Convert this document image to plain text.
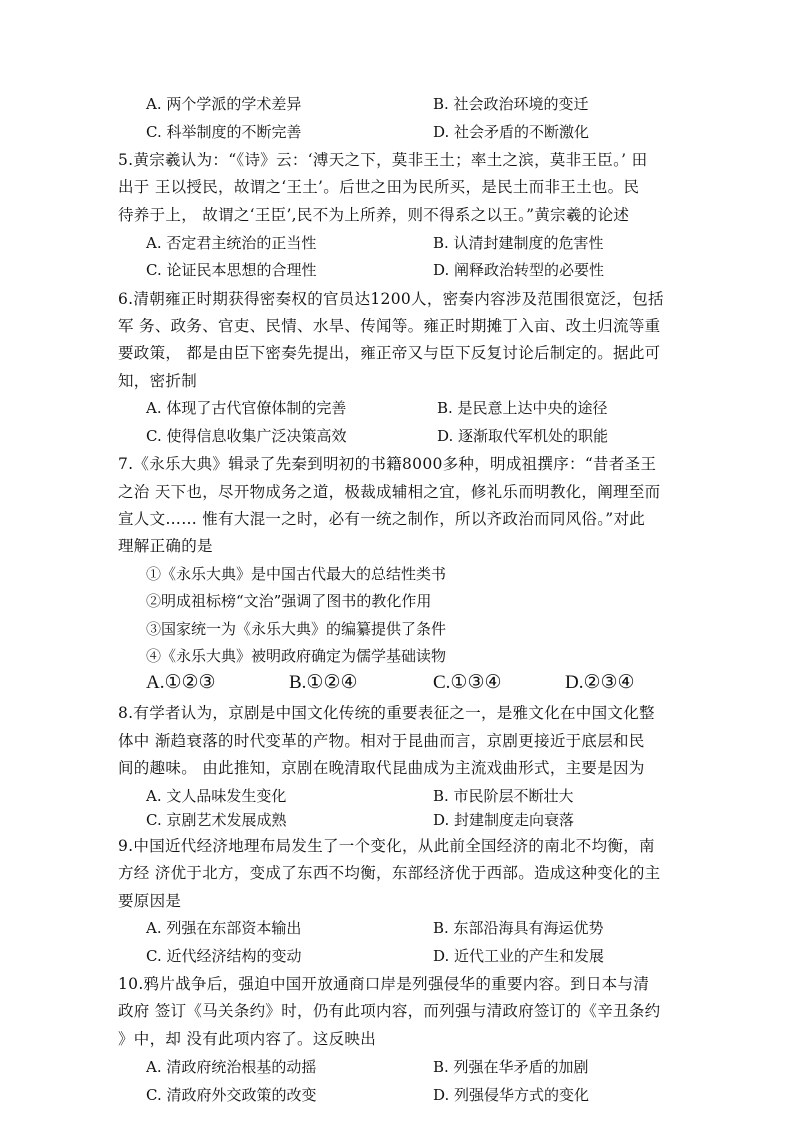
A. 两个学派的学术差异	B. 社会政治环境的变迁
C. 科举制度的不断完善	D. 社会矛盾的不断激化
5.黄宗羲认为：“《诗》云：‘溥天之下，莫非王土；率土之滨，莫非王臣。’ 田
出于 王以授民，故谓之‘王土’。后世之田为民所买，是民土而非王土也。民
待养于上， 故谓之‘王臣’,民不为上所养，则不得系之以王。”黄宗羲的论述
A. 否定君主统治的正当性	B. 认清封建制度的危害性
C. 论证民本思想的合理性	D. 阐释政治转型的必要性
6.清朝雍正时期获得密奏权的官员达1200人，密奏内容涉及范围很宽泛，包括
军 务、政务、官吏、民情、水旱、传闻等。雍正时期摊丁入亩、改土归流等重
要政策， 都是由臣下密奏先提出，雍正帝又与臣下反复讨论后制定的。据此可
知，密折制
A. 体现了古代官僚体制的完善	B. 是民意上达中央的途径
C. 使得信息收集广泛决策高效	D. 逐渐取代军机处的职能
7.《永乐大典》辑录了先秦到明初的书籍8000多种，明成祖撰序：“昔者圣王
之治 天下也，尽开物成务之道，极裁成辅相之宜，修礼乐而明教化，阐理至而
宣人文…… 惟有大混一之时，必有一统之制作，所以齐政治而同风俗。”对此
理解正确的是
①《永乐大典》是中国古代最大的总结性类书
②明成祖标榜“文治”强调了图书的教化作用
③国家统一为《永乐大典》的编纂提供了条件
④《永乐大典》被明政府确定为儒学基础读物
A.①②③	B.①②④	C.①③④	D.②③④
8.有学者认为，京剧是中国文化传统的重要表征之一，是雅文化在中国文化整
体中 渐趋衰落的时代变革的产物。相对于昆曲而言，京剧更接近于底层和民
间的趣味。 由此推知，京剧在晚清取代昆曲成为主流戏曲形式，主要是因为
A. 文人品味发生变化	B. 市民阶层不断壮大
C. 京剧艺术发展成熟	D. 封建制度走向衰落
9.中国近代经济地理布局发生了一个变化，从此前全国经济的南北不均衡，南
方经 济优于北方，变成了东西不均衡，东部经济优于西部。造成这种变化的主
要原因是
A. 列强在东部资本输出	B. 东部沿海具有海运优势
C. 近代经济结构的变动	D. 近代工业的产生和发展
10.鸦片战争后，强迫中国开放通商口岸是列强侵华的重要内容。到日本与清
政府 签订《马关条约》时，仍有此项内容，而列强与清政府签订的《辛丑条约
》中，却 没有此项内容了。这反映出
A. 清政府统治根基的动摇	B. 列强在华矛盾的加剧
C. 清政府外交政策的改变	D. 列强侵华方式的变化
